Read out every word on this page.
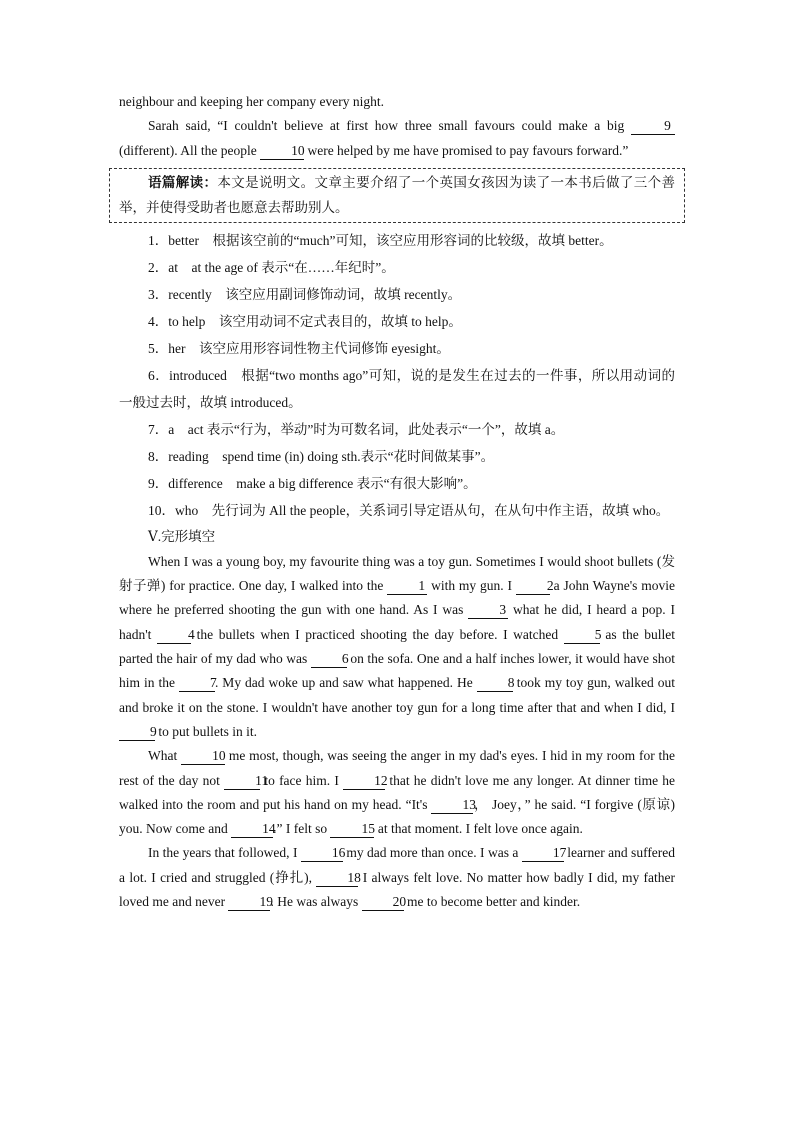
neighbour and keeping her company every night.

Sarah said, “I couldn't believe at first how three small favours could make a big	9 (different). All the people	10 were helped by me have promised to pay favours forward.”

语篇解读：本文是说明文。文章主要介绍了一个英国女孩因为读了一本书后做了三个善举，并使得受助者也愿意去帮助别人。

1．better　 根据该空前的“much”可知，该空应用形容词的比较级，故填 better。

2．at　 at the age of 表示“在……年纪时”。

3．recently　 该空应用副词修饰动词，故填 recently。

4．to help　 该空用动词不定式表目的，故填 to help。

5．her　 该空应用形容词性物主代词修饰 eyesight。

6．introduced　 根据“two months ago”可知，说的是发生在过去的一件事，所以用动词的一般过去时，故填 introduced。

7．a　 act 表示“行为，举动”时为可数名词，此处表示“一个”，故填 a。

8．reading　 spend time (in) doing sth.表示“花时间做某事”。

9．difference　 make a big difference 表示“有很大影响”。

10．who　 先行词为 All the people，关系词引导定语从句，在从句中作主语，故填 who。

Ⅴ.完形填空

When I was a young boy, my favourite thing was a toy gun. Sometimes I would shoot bullets (发射子弹) for practice. One day, I walked into the	1 with my gun. I	2 a John Wayne's movie where he preferred shooting the gun with one hand. As I was	3 what he did, I heard a pop. I hadn't	4 the bullets when I practiced shooting the day before. I watched	5 as the bullet parted the hair of my dad who was	6 on the sofa. One and a half inches lower, it would have shot him in the	7. My dad woke up and saw what happened. He	8 took my toy gun, walked out and broke it on the stone. I wouldn't have another toy gun for a long time after that and when I did, I 9 to put bullets in it.

What	10 me most, though, was seeing the anger in my dad's eyes. I hid in my room for the rest of the day not	11 to face him. I	12 that he didn't love me any longer. At dinner time he walked into the room and put his hand on my head. “It's	13， Joey，” he said. “I forgive (原谅) you. Now come and	14.” I felt so	15 at that moment. I felt love once again.

In the years that followed, I	16 my dad more than once. I was a	17 learner and suffered a lot. I cried and struggled (挣扎),	18 I always felt love. No matter how badly I did, my father loved me and never	19. He was always	20 me to become better and kinder.
